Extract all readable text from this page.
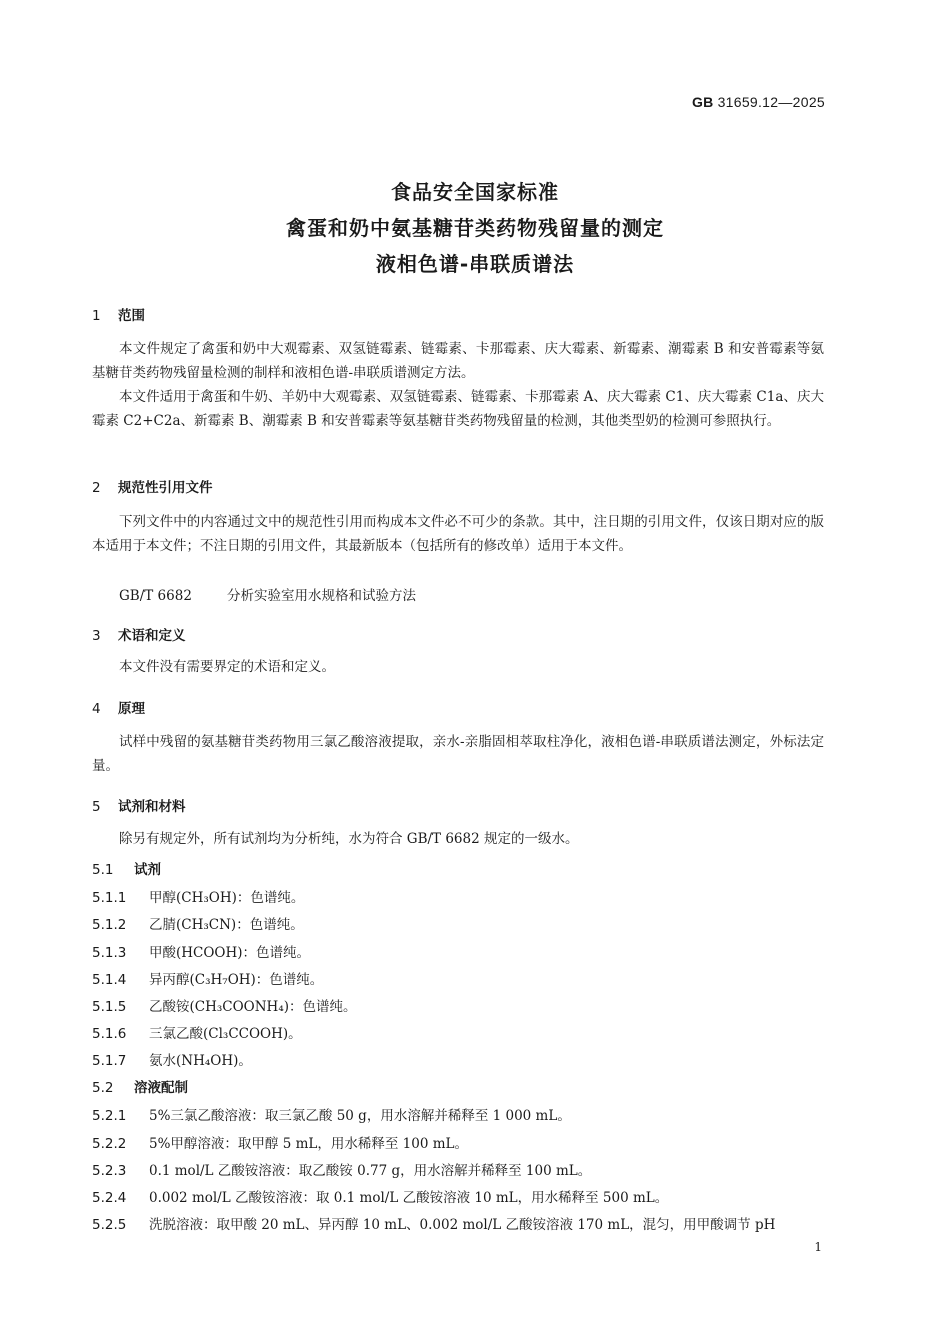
GB 31659.12—2025
食品安全国家标准
禽蛋和奶中氨基糖苷类药物残留量的测定
液相色谱-串联质谱法
1 范围
本文件规定了禽蛋和奶中大观霉素、双氢链霉素、链霉素、卡那霉素、庆大霉素、新霉素、潮霉素 B 和安普霉素等氨基糖苷类药物残留量检测的制样和液相色谱-串联质谱测定方法。
本文件适用于禽蛋和牛奶、羊奶中大观霉素、双氢链霉素、链霉素、卡那霉素 A、庆大霉素 C1、庆大霉素 C1a、庆大霉素 C2+C2a、新霉素 B、潮霉素 B 和安普霉素等氨基糖苷类药物残留量的检测，其他类型奶的检测可参照执行。
2 规范性引用文件
下列文件中的内容通过文中的规范性引用而构成本文件必不可少的条款。其中，注日期的引用文件，仅该日期对应的版本适用于本文件；不注日期的引用文件，其最新版本（包括所有的修改单）适用于本文件。
GB/T 6682	分析实验室用水规格和试验方法
3 术语和定义
本文件没有需要界定的术语和定义。
4 原理
试样中残留的氨基糖苷类药物用三氯乙酸溶液提取，亲水-亲脂固相萃取柱净化，液相色谱-串联质谱法测定，外标法定量。
5 试剂和材料
除另有规定外，所有试剂均为分析纯，水为符合 GB/T 6682 规定的一级水。
5.1 试剂
5.1.1 甲醇(CH₃OH)：色谱纯。
5.1.2 乙腈(CH₃CN)：色谱纯。
5.1.3 甲酸(HCOOH)：色谱纯。
5.1.4 异丙醇(C₃H₇OH)：色谱纯。
5.1.5 乙酸铵(CH₃COONH₄)：色谱纯。
5.1.6 三氯乙酸(Cl₃CCOOH)。
5.1.7 氨水(NH₄OH)。
5.2 溶液配制
5.2.1 5%三氯乙酸溶液：取三氯乙酸 50 g，用水溶解并稀释至 1 000 mL。
5.2.2 5%甲醇溶液：取甲醇 5 mL，用水稀释至 100 mL。
5.2.3 0.1 mol/L 乙酸铵溶液：取乙酸铵 0.77 g，用水溶解并稀释至 100 mL。
5.2.4 0.002 mol/L 乙酸铵溶液：取 0.1 mol/L 乙酸铵溶液 10 mL，用水稀释至 500 mL。
5.2.5 洗脱溶液：取甲酸 20 mL、异丙醇 10 mL、0.002 mol/L 乙酸铵溶液 170 mL，混匀，用甲酸调节 pH
1
